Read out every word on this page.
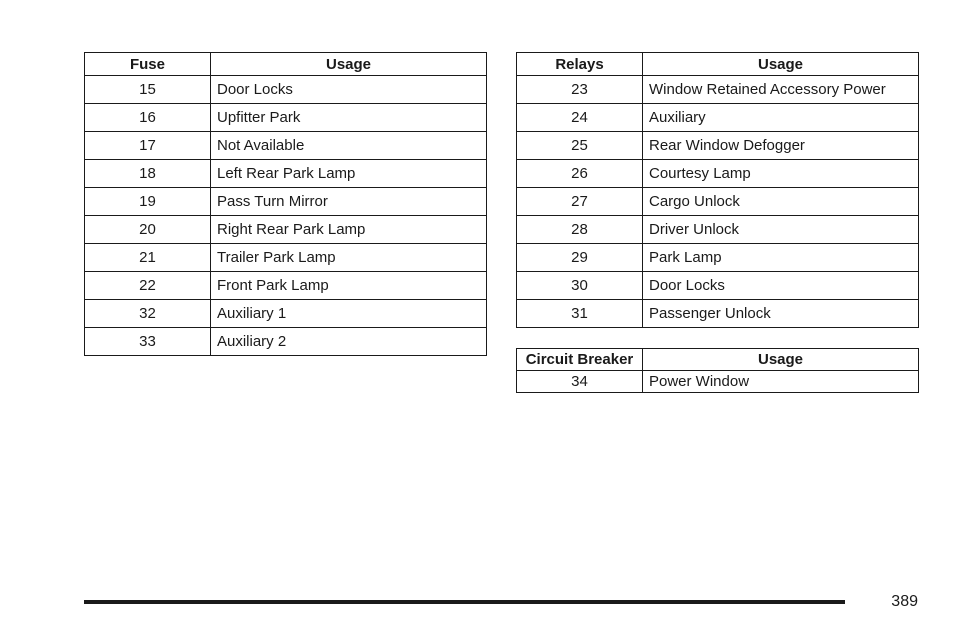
Fuse	Usage
15	Door Locks
16	Upfitter Park
17	Not Available
18	Left Rear Park Lamp
19	Pass Turn Mirror
20	Right Rear Park Lamp
21	Trailer Park Lamp
22	Front Park Lamp
32	Auxiliary 1
33	Auxiliary 2
Relays	Usage
23	Window Retained Accessory Power
24	Auxiliary
25	Rear Window Defogger
26	Courtesy Lamp
27	Cargo Unlock
28	Driver Unlock
29	Park Lamp
30	Door Locks
31	Passenger Unlock
Circuit Breaker	Usage
34	Power Window
389
